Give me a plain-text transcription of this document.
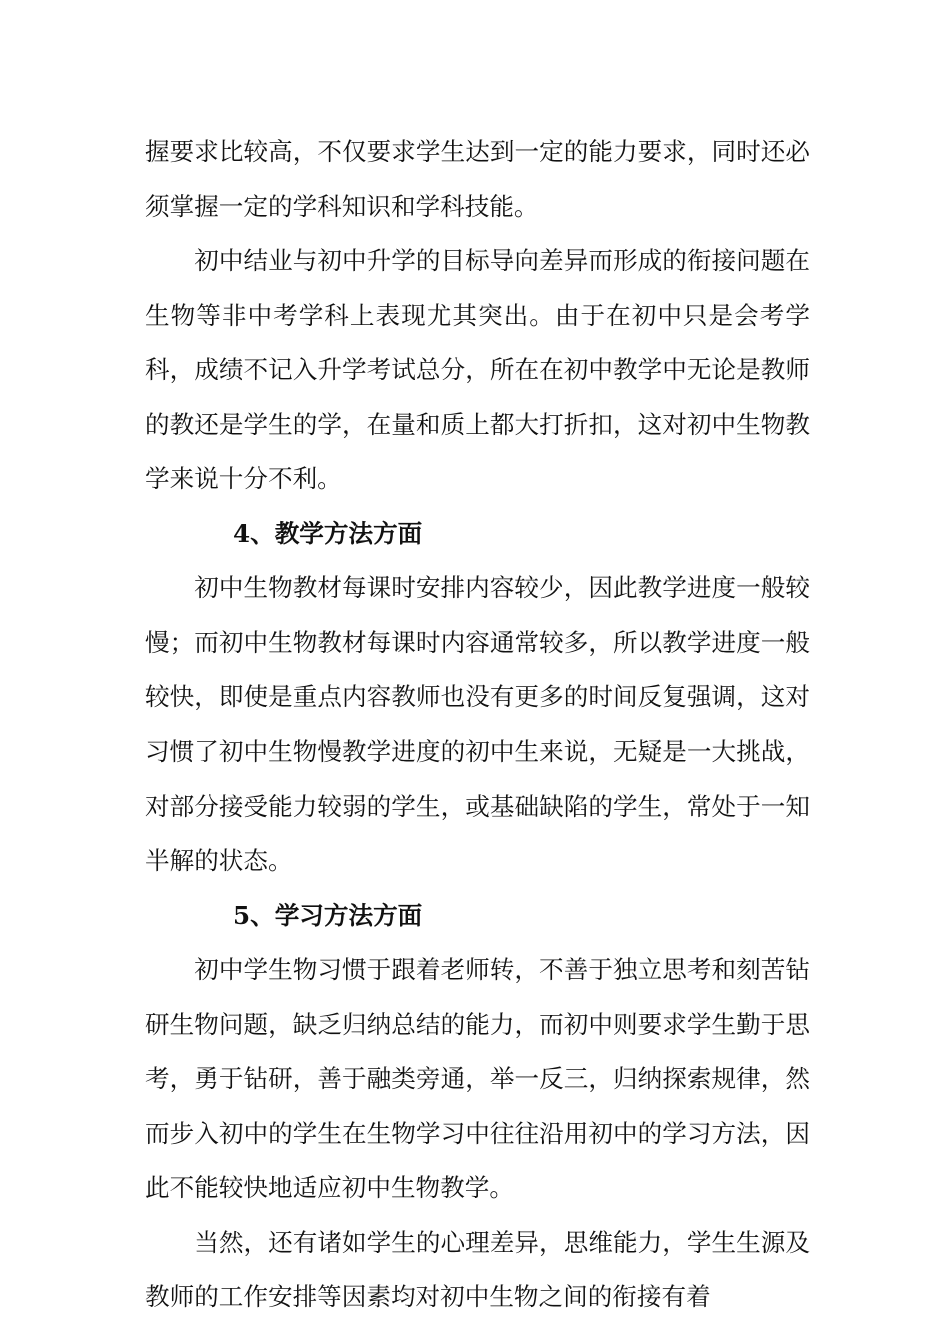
握要求比较高，不仅要求学生达到一定的能力要求，同时还必须掌握一定的学科知识和学科技能。

初中结业与初中升学的目标导向差异而形成的衔接问题在生物等非中考学科上表现尤其突出。由于在初中只是会考学科，成绩不记入升学考试总分，所在在初中教学中无论是教师的教还是学生的学，在量和质上都大打折扣，这对初中生物教学来说十分不利。

4、教学方法方面

初中生物教材每课时安排内容较少，因此教学进度一般较慢；而初中生物教材每课时内容通常较多，所以教学进度一般较快，即使是重点内容教师也没有更多的时间反复强调，这对习惯了初中生物慢教学进度的初中生来说，无疑是一大挑战，对部分接受能力较弱的学生，或基础缺陷的学生，常处于一知半解的状态。

5、学习方法方面

初中学生物习惯于跟着老师转，不善于独立思考和刻苦钻研生物问题，缺乏归纳总结的能力，而初中则要求学生勤于思考，勇于钻研，善于融类旁通，举一反三，归纳探索规律，然而步入初中的学生在生物学习中往往沿用初中的学习方法，因此不能较快地适应初中生物教学。

当然，还有诸如学生的心理差异，思维能力，学生生源及教师的工作安排等因素均对初中生物之间的衔接有着
